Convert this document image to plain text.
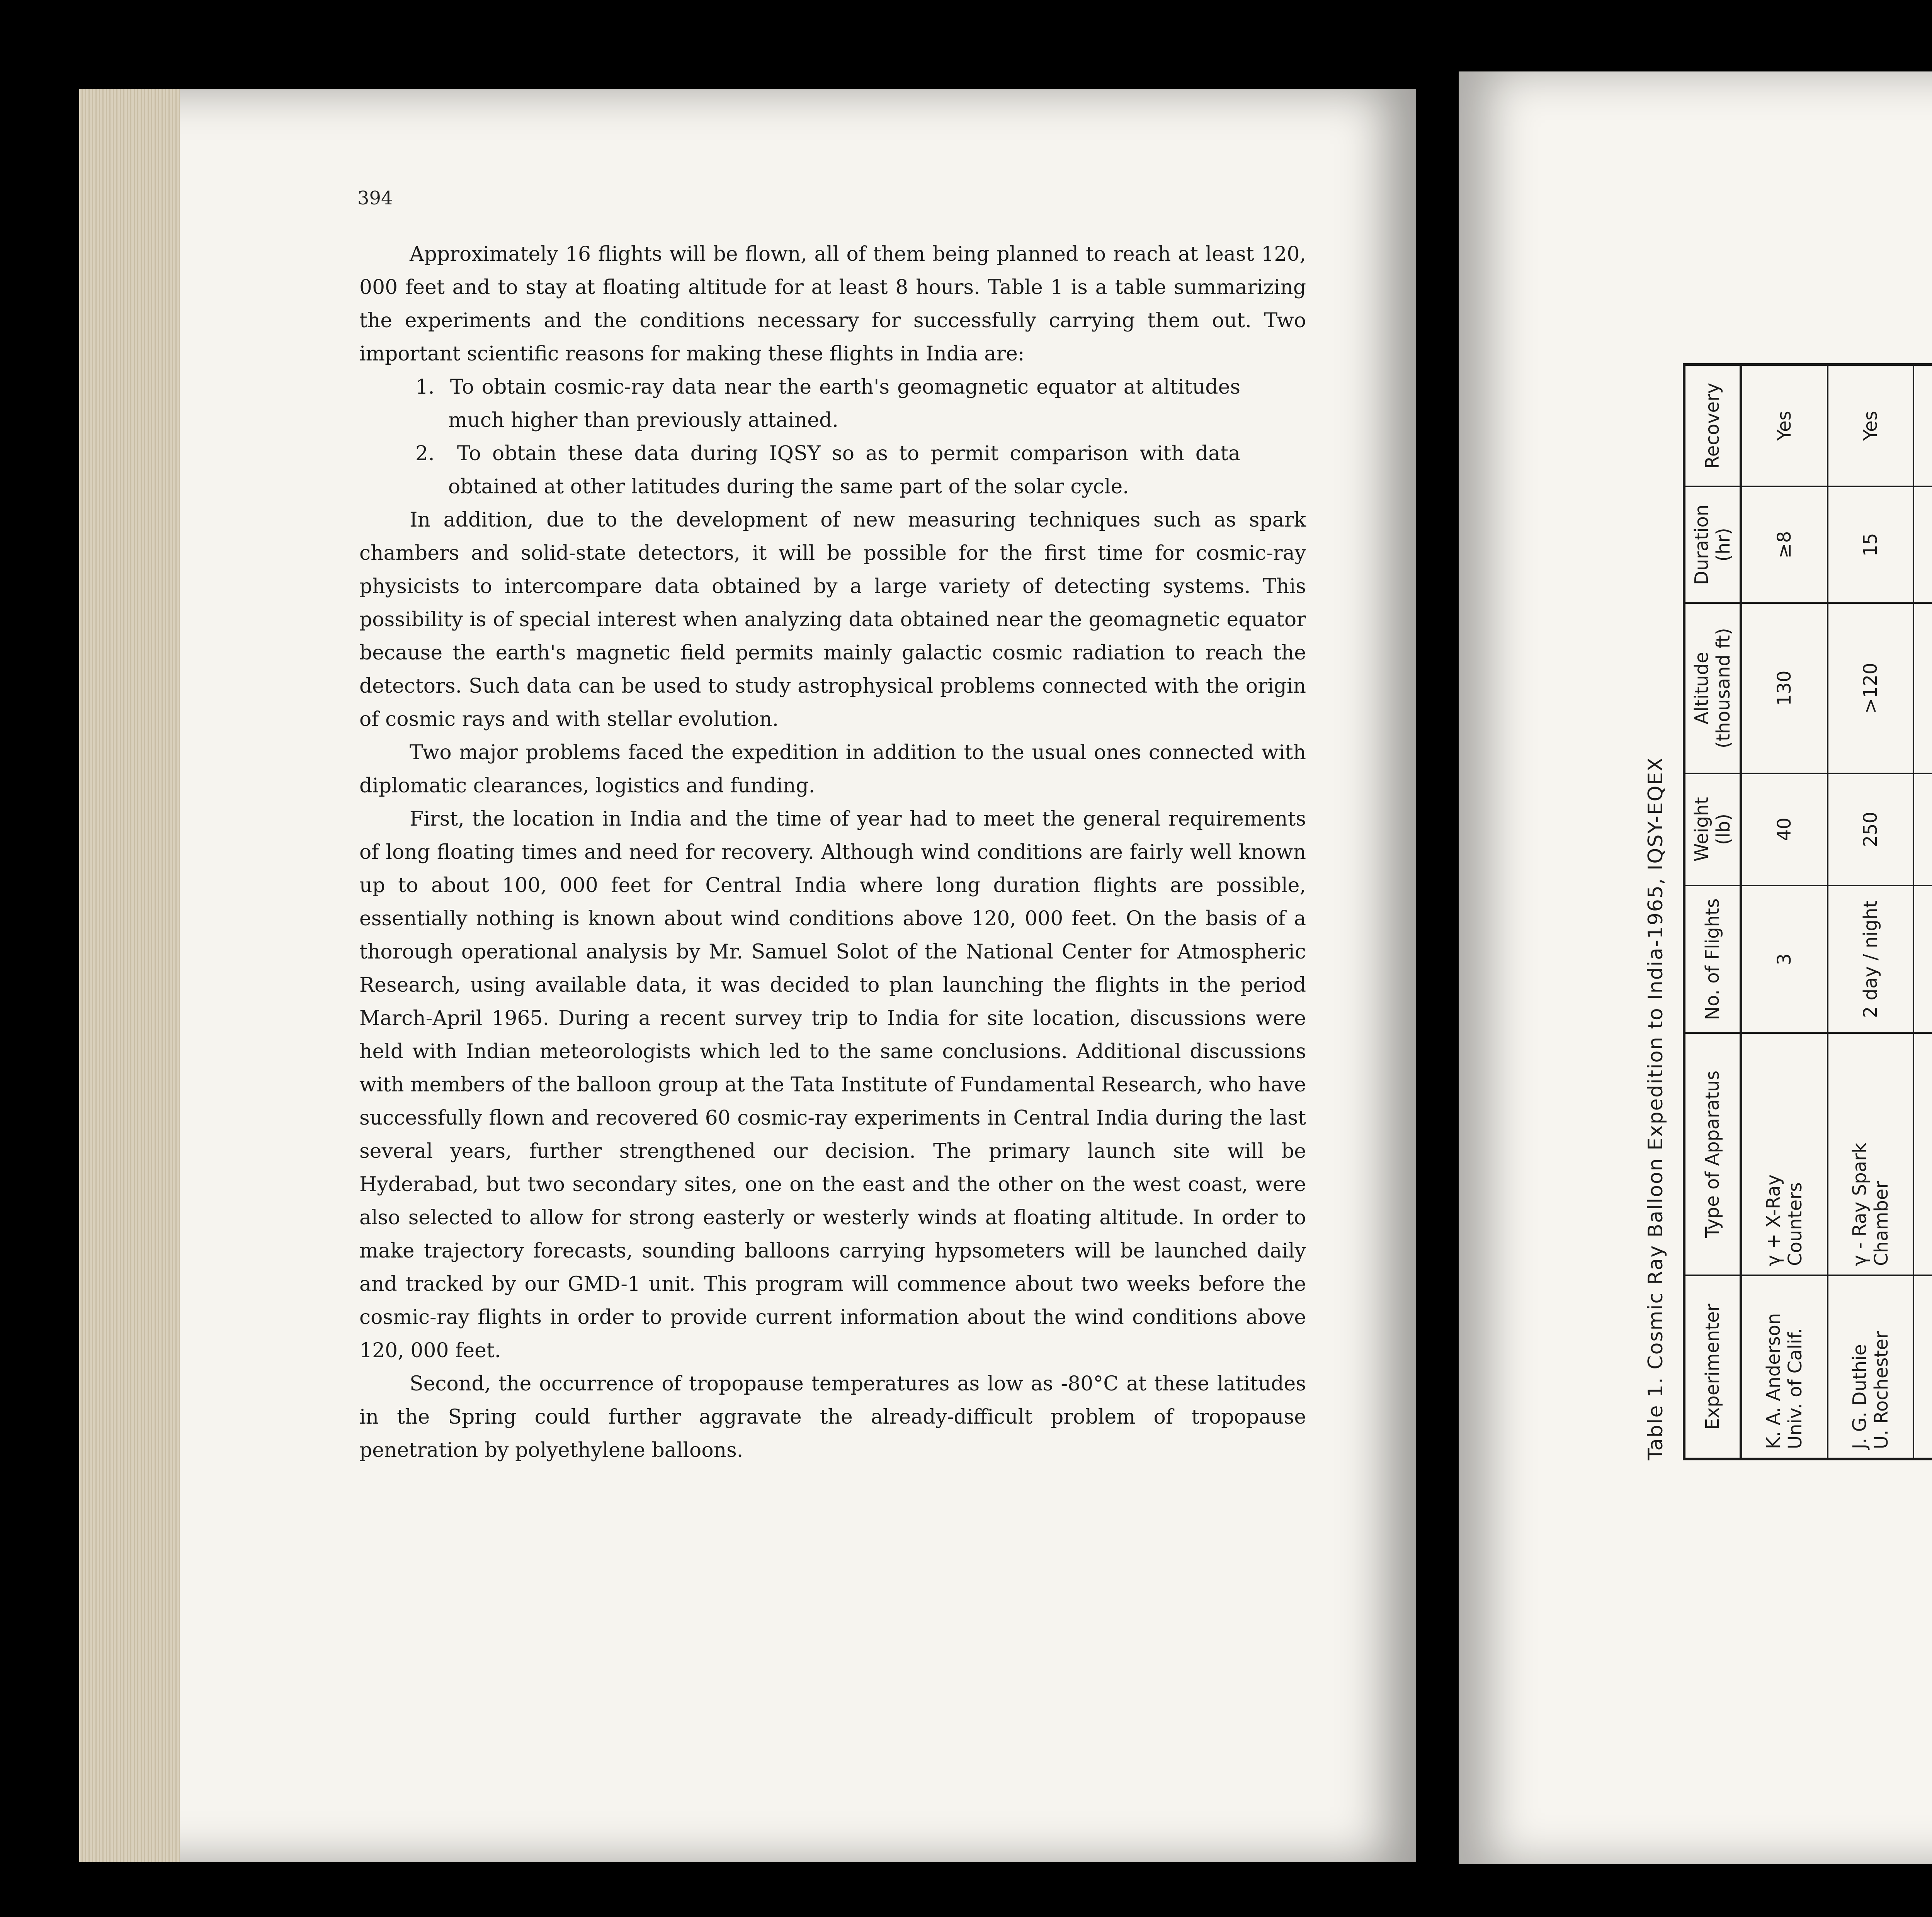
394

Approximately 16 flights will be flown, all of them being planned to reach at least 120, 000 feet and to stay at floating altitude for at least 8 hours. Table 1 is a table summarizing the experiments and the conditions necessary for successfully carrying them out. Two important scientific reasons for making these flights in India are:

1. To obtain cosmic-ray data near the earth's geomagnetic equator at altitudes much higher than previously attained.

2. To obtain these data during IQSY so as to permit comparison with data obtained at other latitudes during the same part of the solar cycle.

In addition, due to the development of new measuring techniques such as spark chambers and solid-state detectors, it will be possible for the first time for cosmic-ray physicists to intercompare data obtained by a large variety of detecting systems. This possibility is of special interest when analyzing data obtained near the geomagnetic equator because the earth's magnetic field permits mainly galactic cosmic radiation to reach the detectors. Such data can be used to study astrophysical problems connected with the origin of cosmic rays and with stellar evolution.

Two major problems faced the expedition in addition to the usual ones connected with diplomatic clearances, logistics and funding.

First, the location in India and the time of year had to meet the general requirements of long floating times and need for recovery. Although wind conditions are fairly well known up to about 100, 000 feet for Central India where long duration flights are possible, essentially nothing is known about wind conditions above 120, 000 feet. On the basis of a thorough operational analysis by Mr. Samuel Solot of the National Center for Atmospheric Research, using available data, it was decided to plan launching the flights in the period March-April 1965. During a recent survey trip to India for site location, discussions were held with Indian meteorologists which led to the same conclusions. Additional discussions with members of the balloon group at the Tata Institute of Fundamental Research, who have successfully flown and recovered 60 cosmic-ray experiments in Central India during the last several years, further strengthened our decision. The primary launch site will be Hyderabad, but two secondary sites, one on the east and the other on the west coast, were also selected to allow for strong easterly or westerly winds at floating altitude. In order to make trajectory forecasts, sounding balloons carrying hypsometers will be launched daily and tracked by our GMD-1 unit. This program will commence about two weeks before the cosmic-ray flights in order to provide current information about the wind conditions above 120, 000 feet.

Second, the occurrence of tropopause temperatures as low as -80°C at these latitudes in the Spring could further aggravate the already-difficult problem of tropopause penetration by polyethylene balloons.	Table 1. Cosmic Ray Balloon Expedition to India-1965, IQSY-EQEX	Experimenter	Type of Apparatus	No. of Flights	Weight (lb)	Altitude (thousand ft)	Duration (hr)	Recovery

K. A. Anderson Univ. of Calif.	γ + X-Ray Counters	3	40	130	≥8	Yes

J. G. Duthie U. Rochester	γ - Ray Spark Chamber	2 day / night	250	>120	15	Yes
